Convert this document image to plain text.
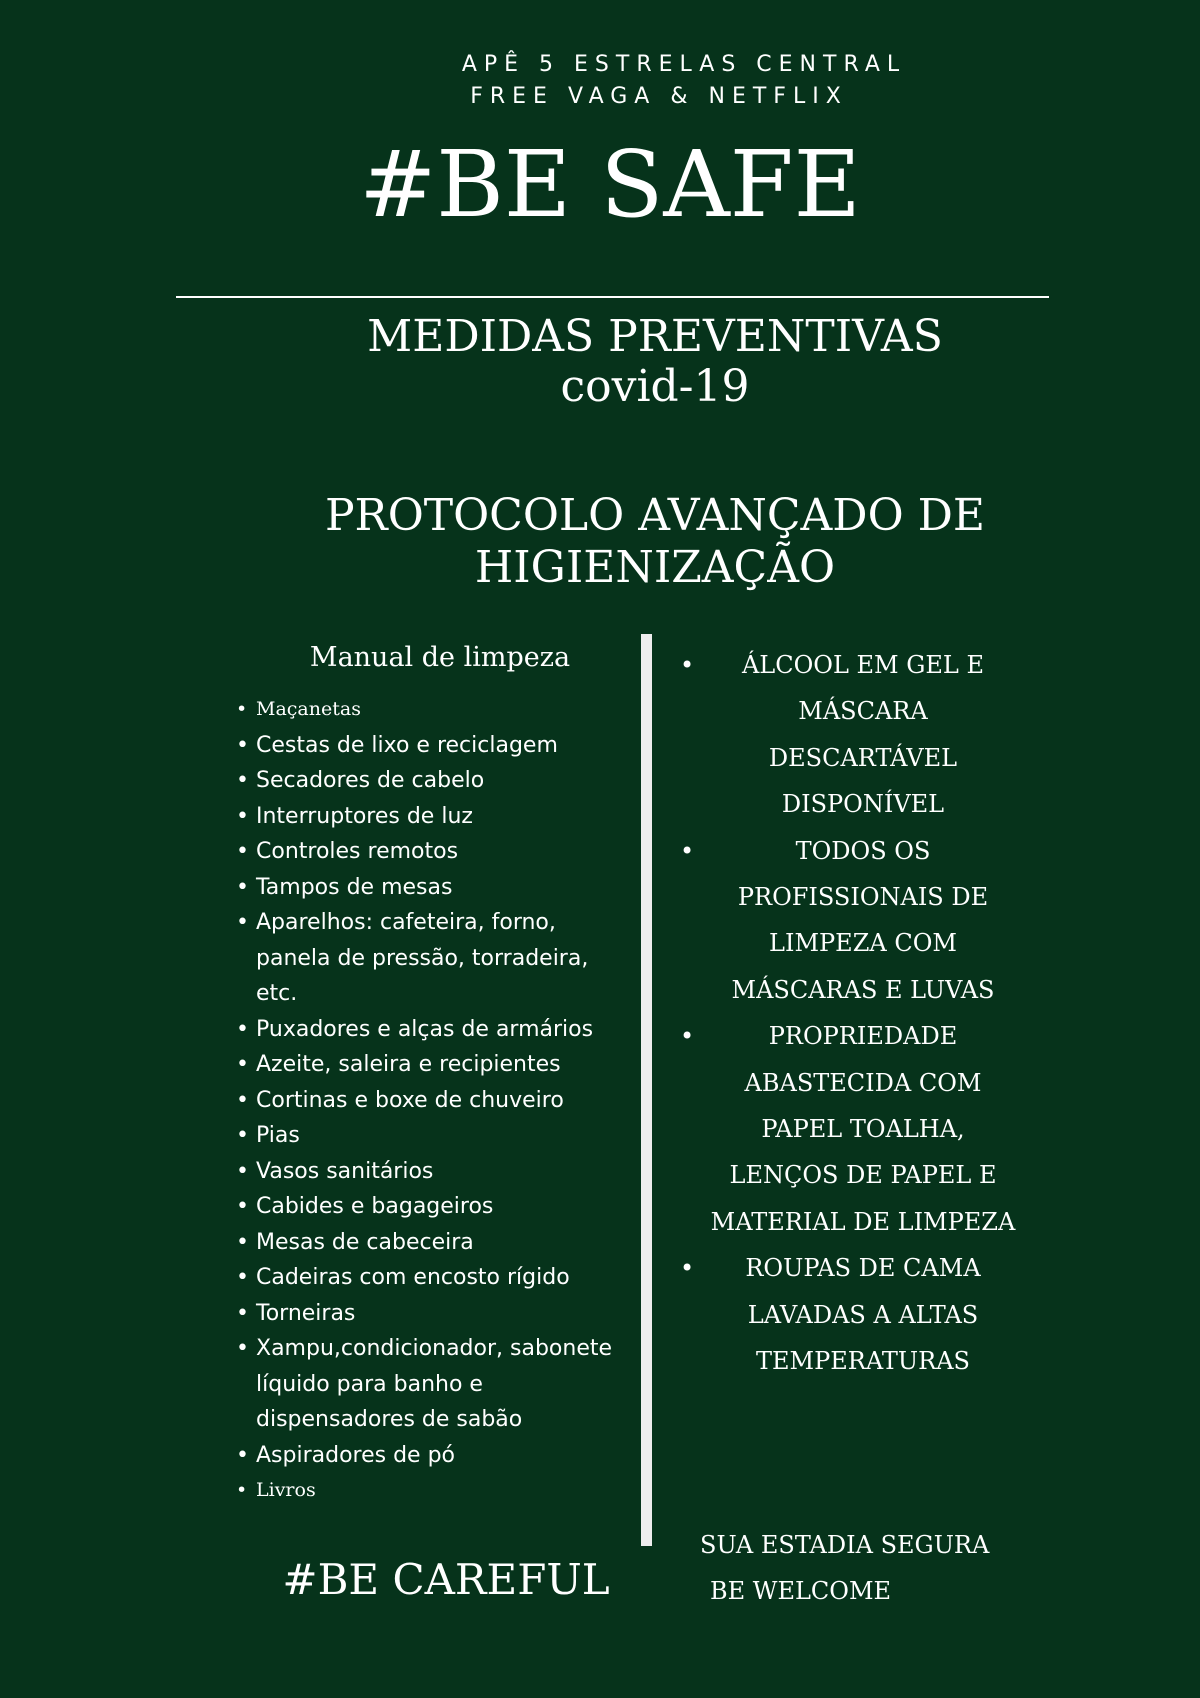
APÊ 5 ESTRELAS CENTRAL
FREE VAGA & NETFLIX
#BE SAFE
MEDIDAS PREVENTIVAS
covid-19
PROTOCOLO AVANÇADO DE
HIGIENIZAÇÃO
Manual de limpeza
• Maçanetas
• Cestas de lixo e reciclagem
• Secadores de cabelo
• Interruptores de luz
• Controles remotos
• Tampos de mesas
• Aparelhos: cafeteira, forno, panela de pressão, torradeira, etc.
• Puxadores e alças de armários
• Azeite, saleira e recipientes
• Cortinas e boxe de chuveiro
• Pias
• Vasos sanitários
• Cabides e bagageiros
• Mesas de cabeceira
• Cadeiras com encosto rígido
• Torneiras
• Xampu,condicionador, sabonete líquido para banho e dispensadores de sabão
• Aspiradores de pó
• Livros
• ÁLCOOL EM GEL E MÁSCARA DESCARTÁVEL DISPONÍVEL
• TODOS OS PROFISSIONAIS DE LIMPEZA COM MÁSCARAS E LUVAS
• PROPRIEDADE ABASTECIDA COM PAPEL TOALHA, LENÇOS DE PAPEL E MATERIAL DE LIMPEZA
• ROUPAS DE CAMA LAVADAS A ALTAS TEMPERATURAS
#BE CAREFUL
SUA ESTADIA SEGURA
BE WELCOME
